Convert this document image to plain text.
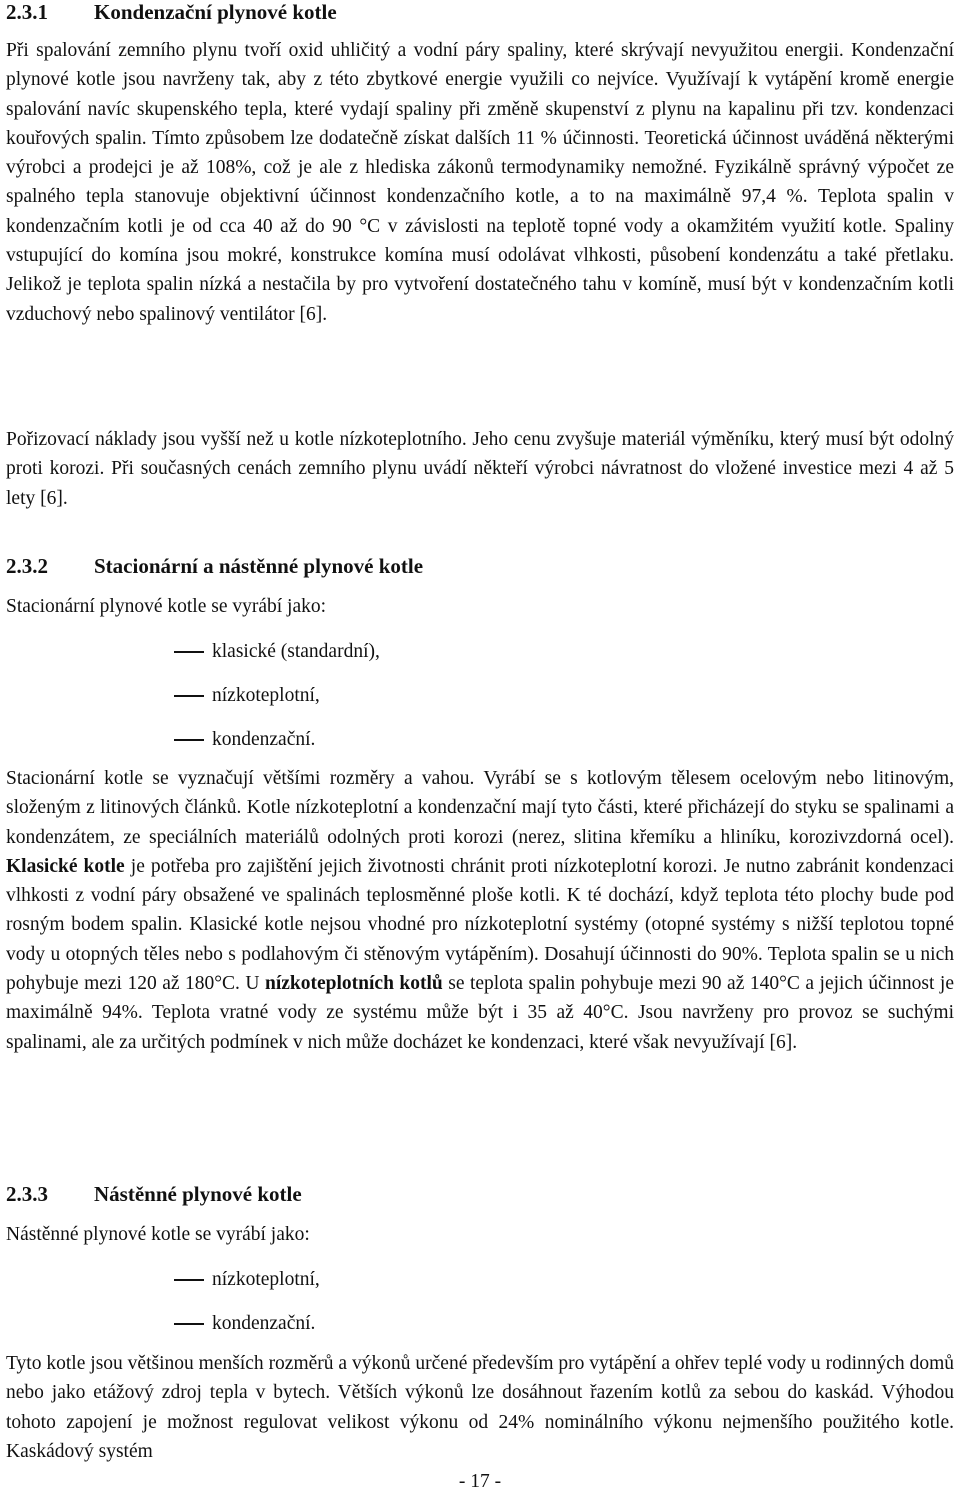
2.3.1 Kondenzační plynové kotle

Při spalování zemního plynu tvoří oxid uhličitý a vodní páry spaliny, které skrývají nevyužitou energii. Kondenzační plynové kotle jsou navrženy tak, aby z této zbytkové energie využili co nejvíce. Využívají k vytápění kromě energie spalování navíc skupenského tepla, které vydají spaliny při změně skupenství z plynu na kapalinu při tzv. kondenzaci kouřových spalin. Tímto způsobem lze dodatečně získat dalších 11 % účinnosti. Teoretická účinnost uváděná některými výrobci a prodejci je až 108%, což je ale z hlediska zákonů termodynamiky nemožné. Fyzikálně správný výpočet ze spalného tepla stanovuje objektivní účinnost kondenzačního kotle, a to na maximálně 97,4 %. Teplota spalin v kondenzačním kotli je od cca 40 až do 90 °C v závislosti na teplotě topné vody a okamžitém využití kotle. Spaliny vstupující do komína jsou mokré, konstrukce komína musí odolávat vlhkosti, působení kondenzátu a také přetlaku. Jelikož je teplota spalin nízká a nestačila by pro vytvoření dostatečného tahu v komíně, musí být v kondenzačním kotli vzduchový nebo spalinový ventilátor [6].

Pořizovací náklady jsou vyšší než u kotle nízkoteplotního. Jeho cenu zvyšuje materiál výměníku, který musí být odolný proti korozi. Při současných cenách zemního plynu uvádí někteří výrobci návratnost do vložené investice mezi 4 až 5 lety [6].

2.3.2 Stacionární a nástěnné plynové kotle

Stacionární plynové kotle se vyrábí jako:

klasické (standardní),
nízkoteplotní,
kondenzační.

Stacionární kotle se vyznačují většími rozměry a vahou. Vyrábí se s kotlovým tělesem ocelovým nebo litinovým, složeným z litinových článků. Kotle nízkoteplotní a kondenzační mají tyto části, které přicházejí do styku se spalinami a kondenzátem, ze speciálních materiálů odolných proti korozi (nerez, slitina křemíku a hliníku, korozivzdorná ocel). Klasické kotle je potřeba pro zajištění jejich životnosti chránit proti nízkoteplotní korozi. Je nutno zabránit kondenzaci vlhkosti z vodní páry obsažené ve spalinách teplosměnné ploše kotli. K té dochází, když teplota této plochy bude pod rosným bodem spalin. Klasické kotle nejsou vhodné pro nízkoteplotní systémy (otopné systémy s nižší teplotou topné vody u otopných těles nebo s podlahovým či stěnovým vytápěním). Dosahují účinnosti do 90%. Teplota spalin se u nich pohybuje mezi 120 až 180°C. U nízkoteplotních kotlů se teplota spalin pohybuje mezi 90 až 140°C a jejich účinnost je maximálně 94%. Teplota vratné vody ze systému může být i 35 až 40°C. Jsou navrženy pro provoz se suchými spalinami, ale za určitých podmínek v nich může docházet ke kondenzaci, které však nevyužívají [6].

2.3.3 Nástěnné plynové kotle

Nástěnné plynové kotle se vyrábí jako:

nízkoteplotní,
kondenzační.

Tyto kotle jsou většinou menších rozměrů a výkonů určené především pro vytápění a ohřev teplé vody u rodinných domů nebo jako etážový zdroj tepla v bytech. Větších výkonů lze dosáhnout řazením kotlů za sebou do kaskád. Výhodou tohoto zapojení je možnost regulovat velikost výkonu od 24% nominálního výkonu nejmenšího použitého kotle. Kaskádový systém

- 17 -
